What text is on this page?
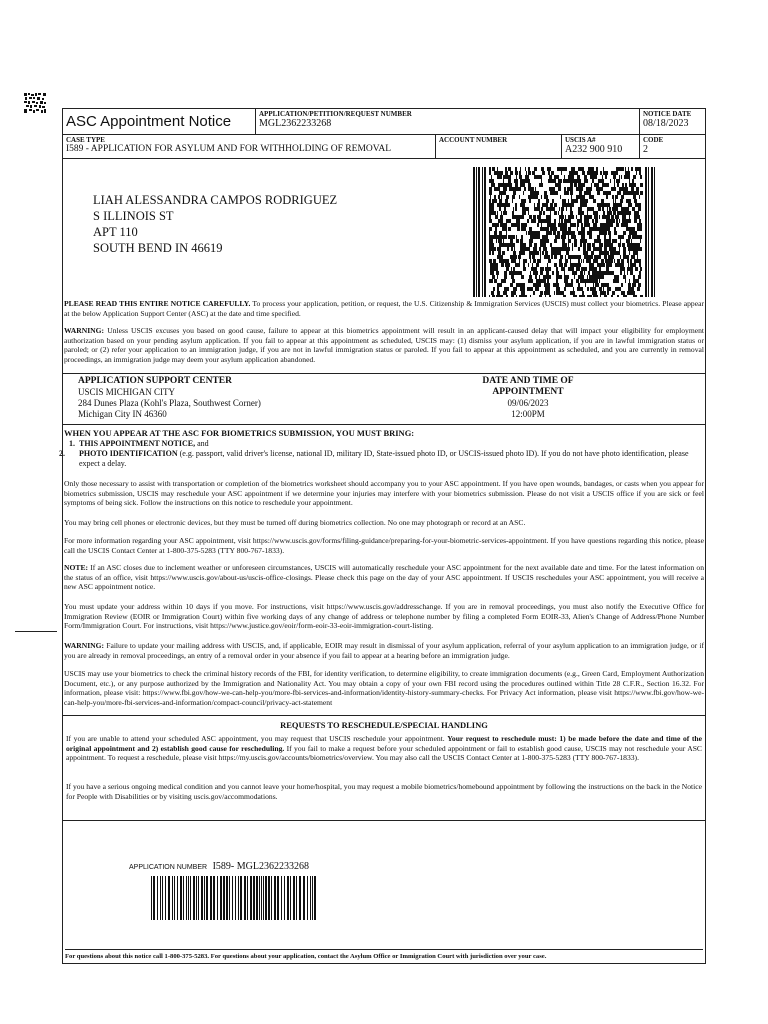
ASC Appointment Notice	APPLICATION/PETITION/REQUEST NUMBER
MGL2362233268
NOTICE DATE
08/18/2023
CASE TYPE
I589 - APPLICATION FOR ASYLUM AND FOR WITHHOLDING OF REMOVAL
ACCOUNT NUMBER	USCIS A#
A232 900 910
CODE
2
LIAH ALESSANDRA CAMPOS RODRIGUEZ
S ILLINOIS ST
APT 110
SOUTH BEND IN 46619
PLEASE READ THIS ENTIRE NOTICE CAREFULLY. To process your application, petition, or request, the U.S. Citizenship & Immigration Services (USCIS) must collect your biometrics. Please appear at the below Application Support Center (ASC) at the date and time specified.
WARNING: Unless USCIS excuses you based on good cause, failure to appear at this biometrics appointment will result in an applicant-caused delay that will impact your eligibility for employment authorization based on your pending asylum application. If you fail to appear at this appointment as scheduled, USCIS may: (1) dismiss your asylum application, if you are in lawful immigration status or paroled; or (2) refer your application to an immigration judge, if you are not in lawful immigration status or paroled. If you fail to appear at this appointment as scheduled, and you are currently in removal proceedings, an immigration judge may deem your asylum application abandoned.
APPLICATION SUPPORT CENTER
USCIS MICHIGAN CITY
284 Dunes Plaza (Kohl's Plaza, Southwest Corner)
Michigan City IN 46360
DATE AND TIME OF APPOINTMENT
09/06/2023
12:00PM
WHEN YOU APPEAR AT THE ASC FOR BIOMETRICS SUBMISSION, YOU MUST BRING:
1. THIS APPOINTMENT NOTICE, and
2. PHOTO IDENTIFICATION (e.g. passport, valid driver's license, national ID, military ID, State-issued photo ID, or USCIS-issued photo ID). If you do not have photo identification, please expect a delay.
Only those necessary to assist with transportation or completion of the biometrics worksheet should accompany you to your ASC appointment. If you have open wounds, bandages, or casts when you appear for biometrics submission, USCIS may reschedule your ASC appointment if we determine your injuries may interfere with your biometrics submission. Please do not visit a USCIS office if you are sick or feel symptoms of being sick. Follow the instructions on this notice to reschedule your appointment.
You may bring cell phones or electronic devices, but they must be turned off during biometrics collection. No one may photograph or record at an ASC.
For more information regarding your ASC appointment, visit https://www.uscis.gov/forms/filing-guidance/preparing-for-your-biometric-services-appointment. If you have questions regarding this notice, please call the USCIS Contact Center at 1-800-375-5283 (TTY 800-767-1833).
NOTE: If an ASC closes due to inclement weather or unforeseen circumstances, USCIS will automatically reschedule your ASC appointment for the next available date and time. For the latest information on the status of an office, visit https://www.uscis.gov/about-us/uscis-office-closings. Please check this page on the day of your ASC appointment. If USCIS reschedules your ASC appointment, you will receive a new ASC appointment notice.
You must update your address within 10 days if you move. For instructions, visit https://www.uscis.gov/addresschange. If you are in removal proceedings, you must also notify the Executive Office for Immigration Review (EOIR or Immigration Court) within five working days of any change of address or telephone number by filing a completed Form EOIR-33, Alien's Change of Address/Phone Number Form/Immigration Court. For instructions, visit https://www.justice.gov/eoir/form-eoir-33-eoir-immigration-court-listing.
WARNING: Failure to update your mailing address with USCIS, and, if applicable, EOIR may result in dismissal of your asylum application, referral of your asylum application to an immigration judge, or if you are already in removal proceedings, an entry of a removal order in your absence if you fail to appear at a hearing before an immigration judge.
USCIS may use your biometrics to check the criminal history records of the FBI, for identity verification, to determine eligibility, to create immigration documents (e.g., Green Card, Employment Authorization Document, etc.), or any purpose authorized by the Immigration and Nationality Act. You may obtain a copy of your own FBI record using the procedures outlined within Title 28 C.F.R., Section 16.32. For information, please visit: https://www.fbi.gov/how-we-can-help-you/more-fbi-services-and-information/identity-history-summary-checks. For Privacy Act information, please visit https://www.fbi.gov/how-we-can-help-you/more-fbi-services-and-information/compact-council/privacy-act-statement
REQUESTS TO RESCHEDULE/SPECIAL HANDLING
If you are unable to attend your scheduled ASC appointment, you may request that USCIS reschedule your appointment. Your request to reschedule must: 1) be made before the date and time of the original appointment and 2) establish good cause for rescheduling. If you fail to make a request before your scheduled appointment or fail to establish good cause, USCIS may not reschedule your ASC appointment. To request a reschedule, please visit https://my.uscis.gov/accounts/biometrics/overview. You may also call the USCIS Contact Center at 1-800-375-5283 (TTY 800-767-1833).
If you have a serious ongoing medical condition and you cannot leave your home/hospital, you may request a mobile biometrics/homebound appointment by following the instructions on the back in the Notice for People with Disabilities or by visiting uscis.gov/accommodations.
APPLICATION NUMBER I589- MGL2362233268
For questions about this notice call 1-800-375-5283. For questions about your application, contact the Asylum Office or Immigration Court with jurisdiction over your case.
